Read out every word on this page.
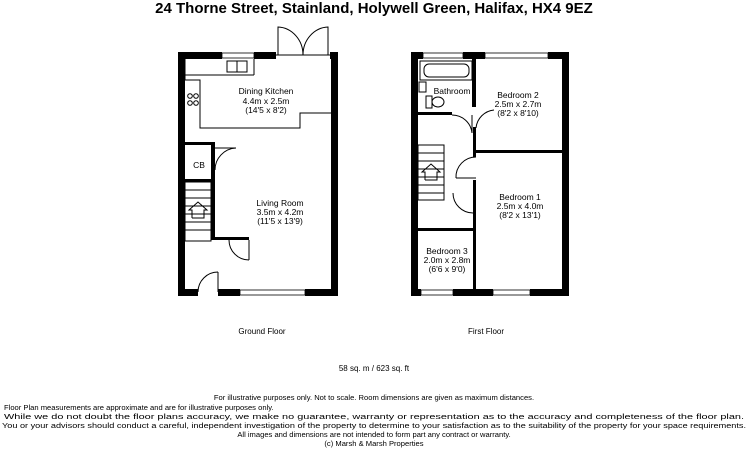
24 Thorne Street, Stainland, Holywell Green, Halifax, HX4 9EZ
Dining Kitchen
4.4m x 2.5m
(14'5 x 8'2)
CB
Living Room
3.5m x 4.2m
(11'5 x 13'9)
Ground Floor
Bathroom	Bedroom 2
2.5m x 2.7m
(8'2 x 8'10)
Bedroom 1
2.5m x 4.0m
(8'2 x 13'1)
Bedroom 3
2.0m x 2.8m
(6'6 x 9'0)
First Floor
58 sq. m / 623 sq. ft
For illustrative purposes only. Not to scale. Room dimensions are given as maximum distances.
Floor Plan measurements are approximate and are for illustrative purposes only.
While we do not doubt the floor plans accuracy, we make no guarantee, warranty or representation as to the accuracy and completeness of the floor plan.
You or your advisors should conduct a careful, independent investigation of the property to determine to your satisfaction as to the suitability of the property for your space requirements.
All images and dimensions are not intended to form part any contract or warranty.
(c) Marsh & Marsh Properties
